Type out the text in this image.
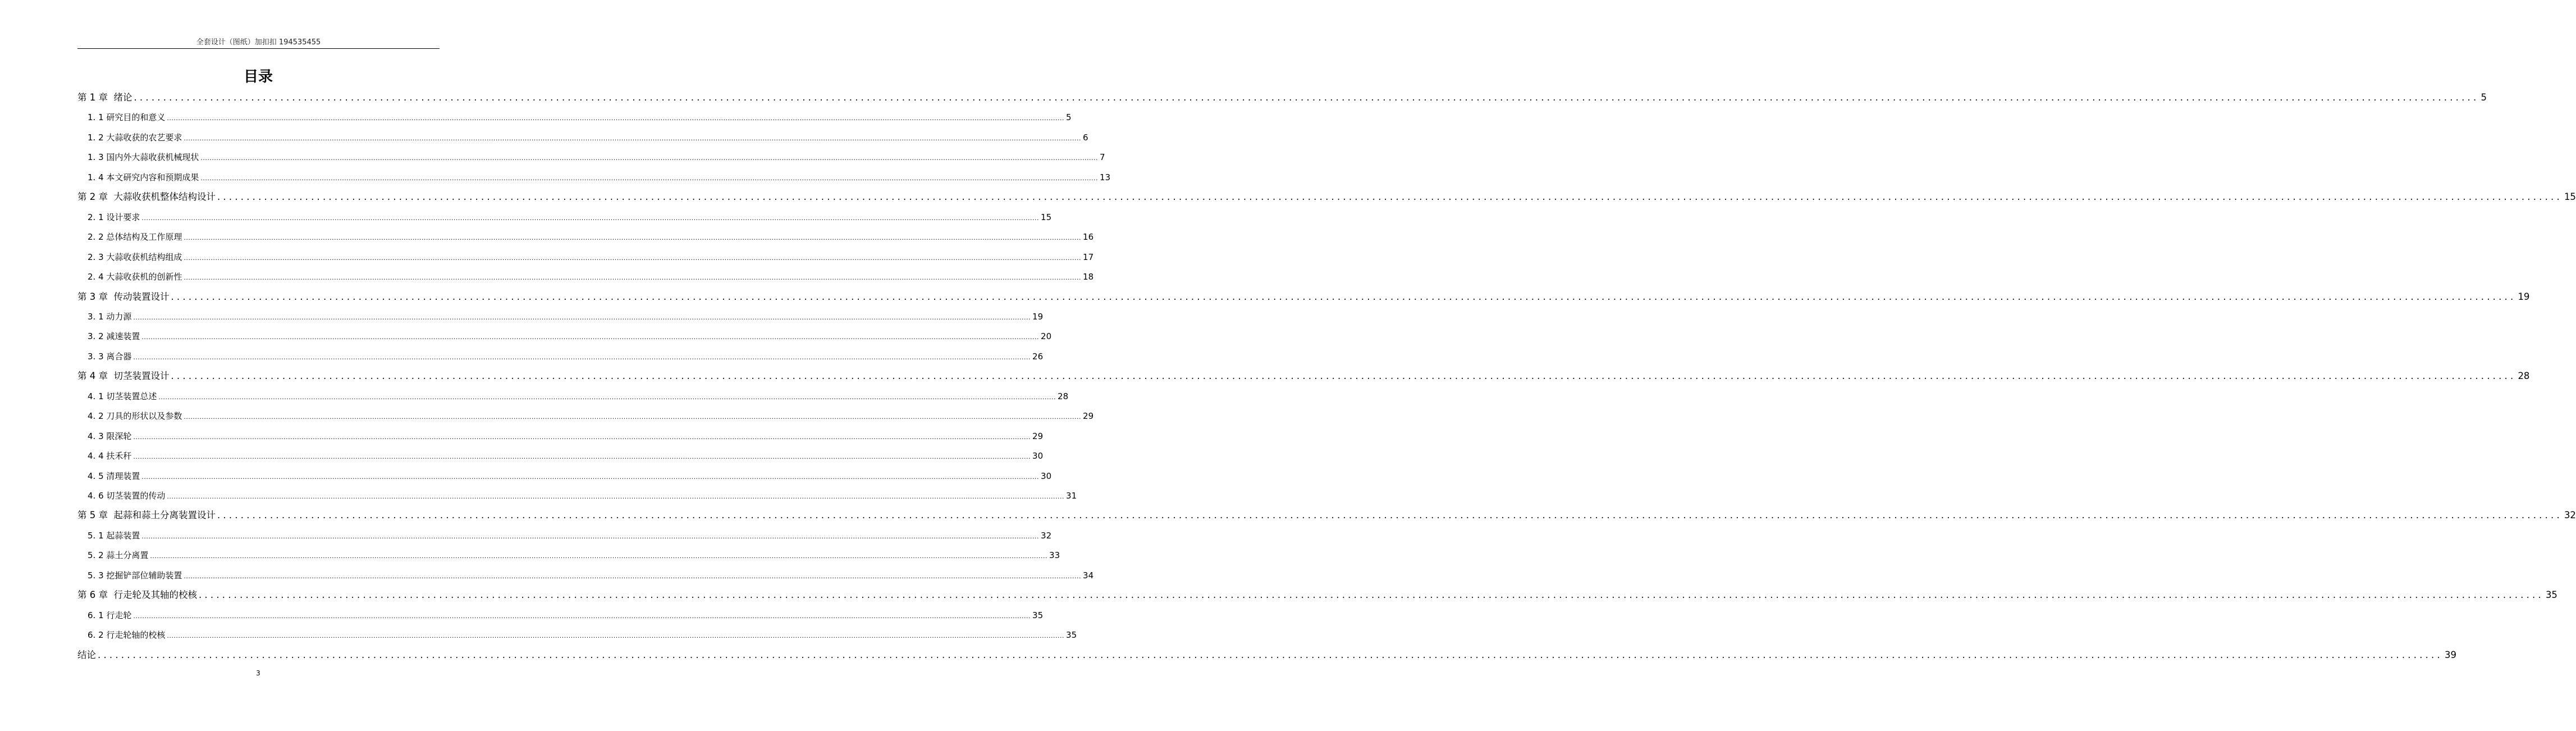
全套设计（图纸）加扣扣 194535455
目录
第 1 章  绪论 ................................................................................................................................................................................................................................................................................................................................................................................................................ 5
1. 1 研究目的和意义 ................................................................................................................................................................................................................................................................................................................................................................................................................ 5
1. 2 大蒜收获的农艺要求 ................................................................................................................................................................................................................................................................................................................................................................................................................ 6
1. 3 国内外大蒜收获机械现状 ................................................................................................................................................................................................................................................................................................................................................................................................................ 7
1. 4 本文研究内容和预期成果 ................................................................................................................................................................................................................................................................................................................................................................................................................ 13
第 2 章  大蒜收获机整体结构设计 ................................................................................................................................................................................................................................................................................................................................................................................................................ 15
2. 1 设计要求 ................................................................................................................................................................................................................................................................................................................................................................................................................ 15
2. 2 总体结构及工作原理 ................................................................................................................................................................................................................................................................................................................................................................................................................ 16
2. 3 大蒜收获机结构组成 ................................................................................................................................................................................................................................................................................................................................................................................................................ 17
2. 4 大蒜收获机的创新性 ................................................................................................................................................................................................................................................................................................................................................................................................................ 18
第 3 章  传动装置设计 ................................................................................................................................................................................................................................................................................................................................................................................................................ 19
3. 1 动力源 ................................................................................................................................................................................................................................................................................................................................................................................................................ 19
3. 2 减速装置 ................................................................................................................................................................................................................................................................................................................................................................................................................ 20
3. 3 离合器 ................................................................................................................................................................................................................................................................................................................................................................................................................ 26
第 4 章  切茎装置设计 ................................................................................................................................................................................................................................................................................................................................................................................................................ 28
4. 1 切茎装置总述 ................................................................................................................................................................................................................................................................................................................................................................................................................ 28
4. 2 刀具的形状以及参数 ................................................................................................................................................................................................................................................................................................................................................................................................................ 29
4. 3 限深轮 ................................................................................................................................................................................................................................................................................................................................................................................................................ 29
4. 4 扶禾秆 ................................................................................................................................................................................................................................................................................................................................................................................................................ 30
4. 5 清理装置 ................................................................................................................................................................................................................................................................................................................................................................................................................ 30
4. 6 切茎装置的传动 ................................................................................................................................................................................................................................................................................................................................................................................................................ 31
第 5 章  起蒜和蒜土分离装置设计 ................................................................................................................................................................................................................................................................................................................................................................................................................ 32
5. 1 起蒜装置 ................................................................................................................................................................................................................................................................................................................................................................................................................ 32
5. 2 蒜土分离置 ................................................................................................................................................................................................................................................................................................................................................................................................................ 33
5. 3 挖掘铲部位辅助装置 ................................................................................................................................................................................................................................................................................................................................................................................................................ 34
第 6 章  行走轮及其轴的校核 ................................................................................................................................................................................................................................................................................................................................................................................................................ 35
6. 1 行走轮 ................................................................................................................................................................................................................................................................................................................................................................................................................ 35
6. 2 行走轮轴的校核 ................................................................................................................................................................................................................................................................................................................................................................................................................ 35
结论 ................................................................................................................................................................................................................................................................................................................................................................................................................ 39
3
